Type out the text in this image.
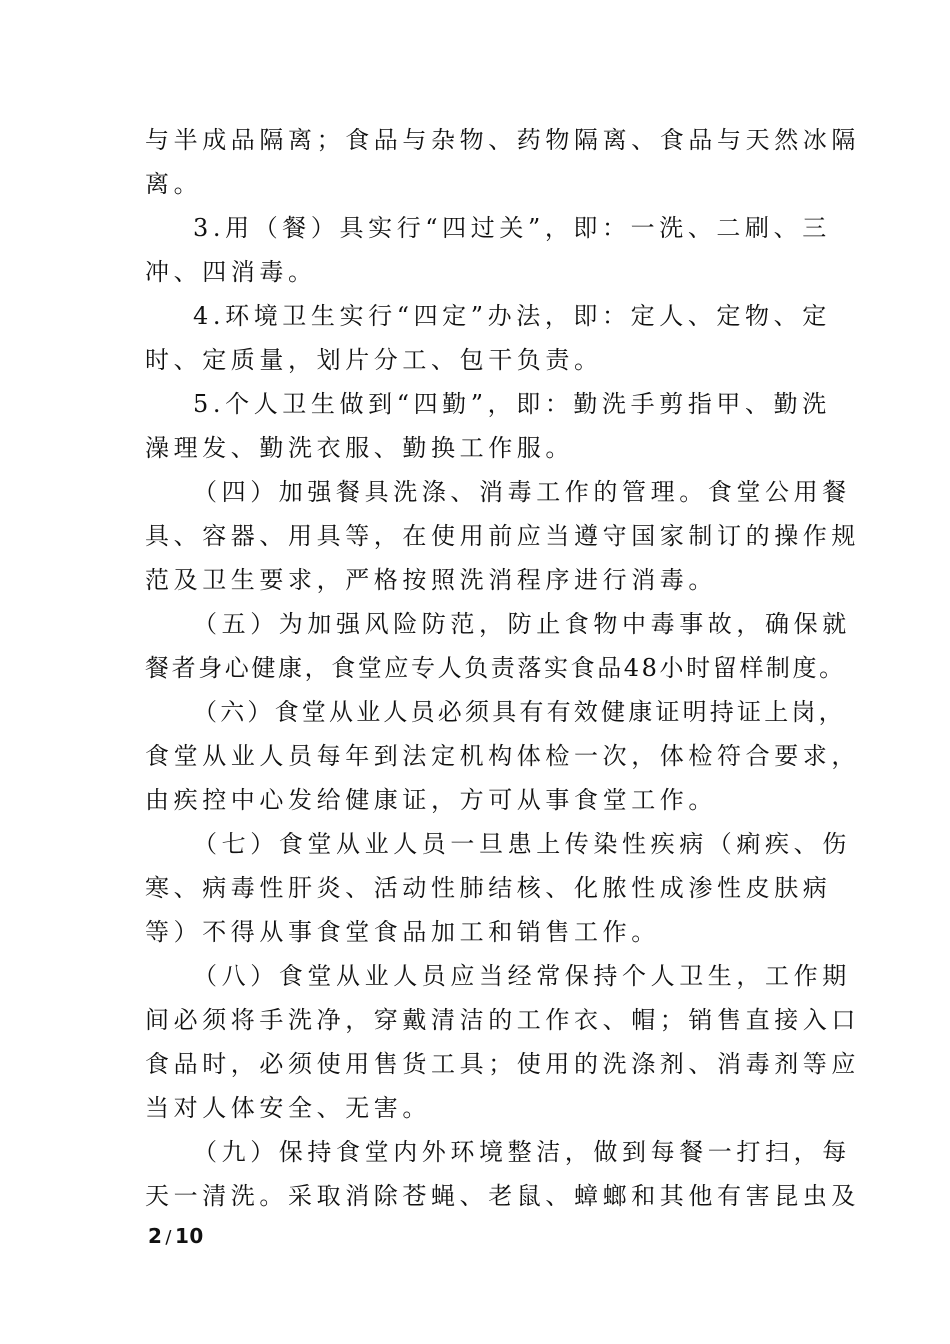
与半成品隔离；食品与杂物、药物隔离、食品与天然冰隔
离。
3.用（餐）具实行“四过关”，即：一洗、二刷、三
冲、四消毒。
4.环境卫生实行“四定”办法，即：定人、定物、定
时、定质量，划片分工、包干负责。
5.个人卫生做到“四勤”，即：勤洗手剪指甲、勤洗
澡理发、勤洗衣服、勤换工作服。
（四）加强餐具洗涤、消毒工作的管理。食堂公用餐
具、容器、用具等，在使用前应当遵守国家制订的操作规
范及卫生要求，严格按照洗消程序进行消毒。
（五）为加强风险防范，防止食物中毒事故，确保就
餐者身心健康，食堂应专人负责落实食品48小时留样制度。
（六）食堂从业人员必须具有有效健康证明持证上岗，
食堂从业人员每年到法定机构体检一次，体检符合要求，
由疾控中心发给健康证，方可从事食堂工作。
（七）食堂从业人员一旦患上传染性疾病（痢疾、伤
寒、病毒性肝炎、活动性肺结核、化脓性成渗性皮肤病
等）不得从事食堂食品加工和销售工作。
（八）食堂从业人员应当经常保持个人卫生，工作期
间必须将手洗净，穿戴清洁的工作衣、帽；销售直接入口
食品时，必须使用售货工具；使用的洗涤剂、消毒剂等应
当对人体安全、无害。
（九）保持食堂内外环境整洁，做到每餐一打扫，每
天一清洗。采取消除苍蝇、老鼠、蟑螂和其他有害昆虫及
2 / 10
